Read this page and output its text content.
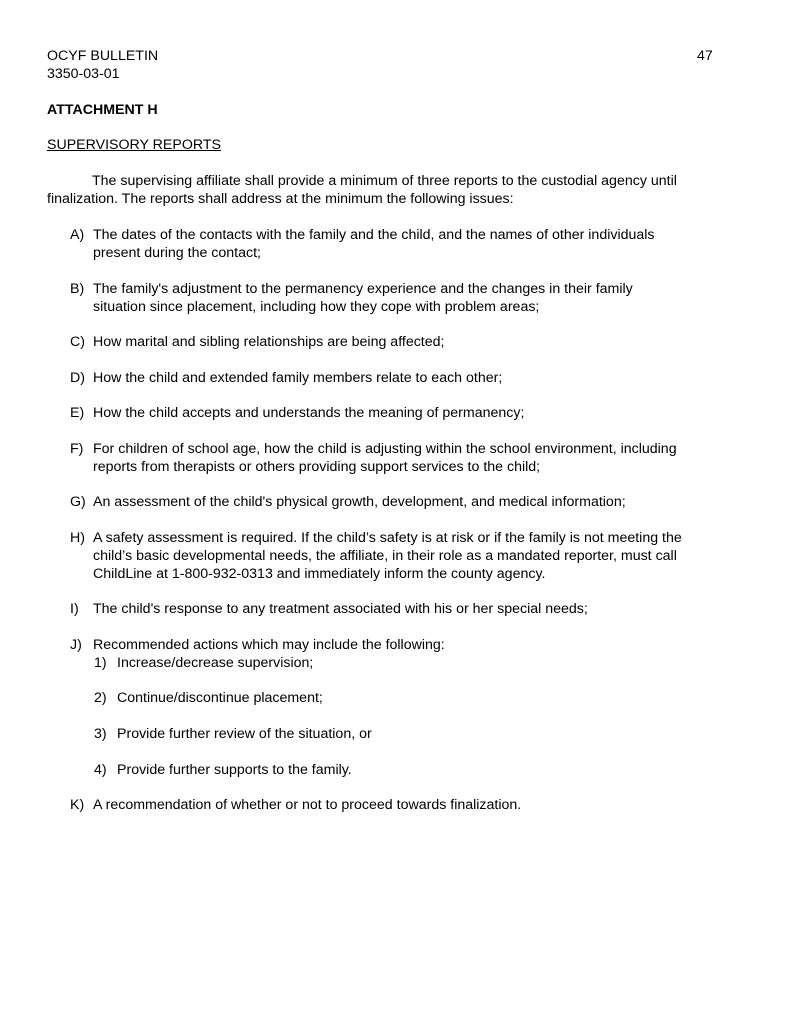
OCYF BULLETIN
3350-03-01
47
ATTACHMENT H
SUPERVISORY REPORTS
The supervising affiliate shall provide a minimum of three reports to the custodial agency until
finalization. The reports shall address at the minimum the following issues:
A) The dates of the contacts with the family and the child, and the names of other individuals
present during the contact;
B) The family's adjustment to the permanency experience and the changes in their family
situation since placement, including how they cope with problem areas;
C) How marital and sibling relationships are being affected;
D) How the child and extended family members relate to each other;
E) How the child accepts and understands the meaning of permanency;
F) For children of school age, how the child is adjusting within the school environment, including
reports from therapists or others providing support services to the child;
G) An assessment of the child's physical growth, development, and medical information;
H) A safety assessment is required. If the child’s safety is at risk or if the family is not meeting the
child’s basic developmental needs, the affiliate, in their role as a mandated reporter, must call
ChildLine at 1-800-932-0313 and immediately inform the county agency.
I)	The child's response to any treatment associated with his or her special needs;
J) Recommended actions which may include the following:
1) Increase/decrease supervision;
2) Continue/discontinue placement;
3) Provide further review of the situation, or
4) Provide further supports to the family.
K) A recommendation of whether or not to proceed towards finalization.
